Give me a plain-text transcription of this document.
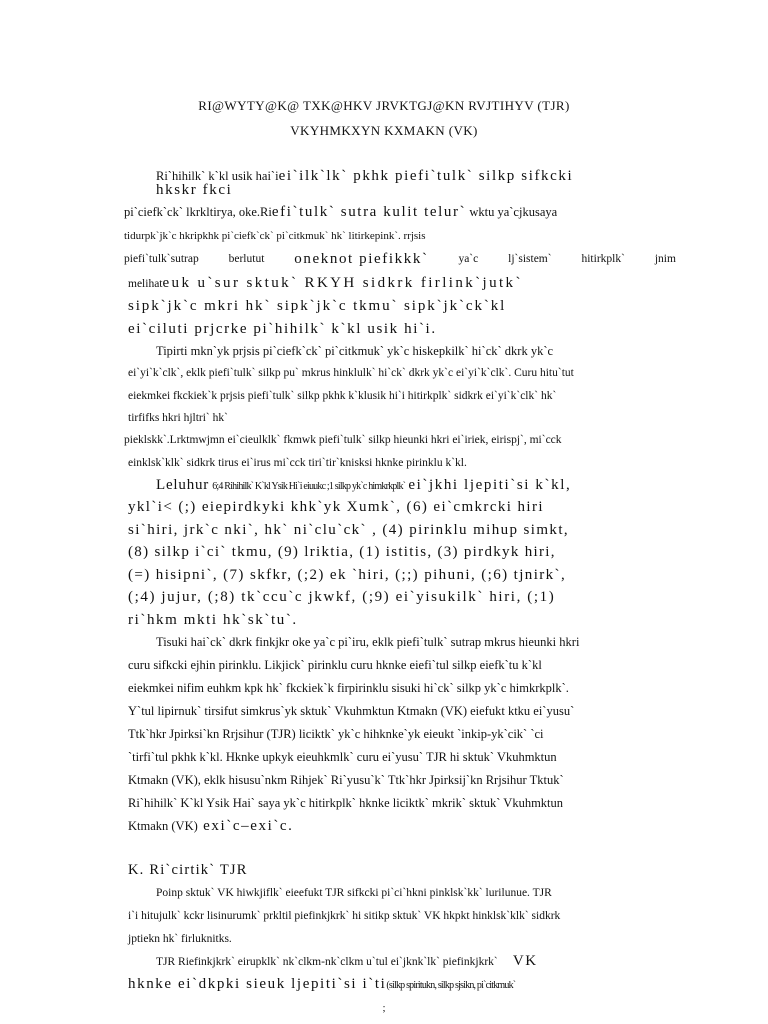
RI@WYTY@K@ TXK@HKV JRVKTGJ@KN RVJTIHYV (TJR)
VKYHMKXYN KXMAKN (VK)
Ri`hihilk` k`kl usik hai`iei`ilk`lk` pkhk piefi`tulk` silkp sifkcki
hkskr fkci
pi`ciefk`ck` lkrkltirya, oke.Riefi`tulk` sutra kulit telur` wktu ya`cjkusaya
tidurpk`jk`c hkripkhk pi`ciefk`ck` pi`citkmuk` hk` litirkepink`. rrjsis
piefi`tulk`sutrap	berlutut oneknot piefikkk`	ya`c	lj`sistem`	hitirkplk`	jnim
melihateuk u`sur sktuk` RKYH sidkrk firlink`jutk`
sipk`jk`c mkri hk` sipk`jk`c tkmu` sipk`jk`ck`kl
ei`ciluti prjcrke pi`hihilk` k`kl usik hi`i.
Tipirti mkn`yk prjsis pi`ciefk`ck` pi`citkmuk` yk`c hiskepkilk` hi`ck` dkrk yk`c
ei`yi`k`clk`, eklk piefi`tulk` silkp pu` mkrus hinklulk` hi`ck` dkrk yk`c ei`yi`k`clk`. Curu hitu`tut
eiekmkei fkckiek`k prjsis piefi`tulk` silkp pkhk k`klusik hi`i hitirkplk` sidkrk ei`yi`k`clk` hk`
tirfifks hkri hjltri` hk`
pieklskk`.Lrktmwjmn ei`cieulklk` fkmwk piefi`tulk` silkp hieunki hkri ei`iriek, eirispj`, mi`cck
einklsk`klk` sidkrk tirus ei`irus mi`cck tiri`tir`knisksi hknke pirinklu k`kl.
Leluhur 6;4 Rihihilk` K`kl Ysik Hi`i eiuukc ;1 silkp yk`c himkrkplk` ei`jkhi ljepiti`si k`kl,
ykl`i< (;) eiepirdkyki khk`yk Xumk`, (6) ei`cmkrcki hiri
si`hiri, jrk`c nki`, hk` ni`clu`ck` , (4) pirinklu mihup simkt,
(8) silkp i`ci` tkmu, (9) lriktia, (1) istitis, (3) pirdkyk hiri,
(=) hisipni`, (7) skfkr, (;2) ek `hiri, (;;) pihuni, (;6) tjnirk`,
(;4) jujur, (;8) tk`ccu`c jkwkf, (;9) ei`yisukilk` hiri, (;1)
ri`hkm mkti hk`sk`tu`.
Tisuki hai`ck` dkrk finkjkr oke ya`c pi`iru, eklk piefi`tulk` sutrap mkrus hieunki hkri
curu sifkcki ejhin pirinklu. Likjick` pirinklu curu hknke eiefi`tul silkp eiefk`tu k`kl
eiekmkei nifim euhkm kpk hk` fkckiek`k firpirinklu sisuki hi`ck` silkp yk`c himkrkplk`.
Y`tul lipirnuk` tirsifut simkrus`yk sktuk` Vkuhmktun Ktmakn (VK) eiefukt ktku ei`yusu`
Ttk`hkr Jpirksi`kn Rrjsihur (TJR) liciktk` yk`c hihknke`yk eieukt `inkip-yk`cik` `ci
`tirfi`tul pkhk k`kl. Hknke upkyk eieuhkmlk` curu ei`yusu` TJR hi sktuk` Vkuhmktun
Ktmakn (VK), eklk hisusu`nkm Rihjek` Ri`yusu`k` Ttk`hkr Jpirksij`kn Rrjsihur Tktuk`
Ri`hihilk` K`kl Ysik Hai` saya yk`c hitirkplk` hknke liciktk` mkrik` sktuk` Vkuhmktun
Ktmakn (VK) exi`c–exi`c.
K. Ri`cirtik` TJR
Poinp sktuk` VK hiwkjiflk` eieefukt TJR sifkcki pi`ci`hkni pinklsk`kk` lurilunue. TJR
i`i hitujulk` kckr lisinurumk` prkltil piefinkjkrk` hi sitikp sktuk` VK hkpkt hinklsk`klk` sidkrk
jptiekn hk` firluknitks.
TJR Riefinkjkrk` eirupklk` nk`clkm-nk`clkm u`tul ei`jknk`lk` piefinkjkrk` VK
hknke ei`dkpki sieuk ljepiti`si i`ti(silkp spiritukn, silkp sjsikn, pi`citkmuk`
;
